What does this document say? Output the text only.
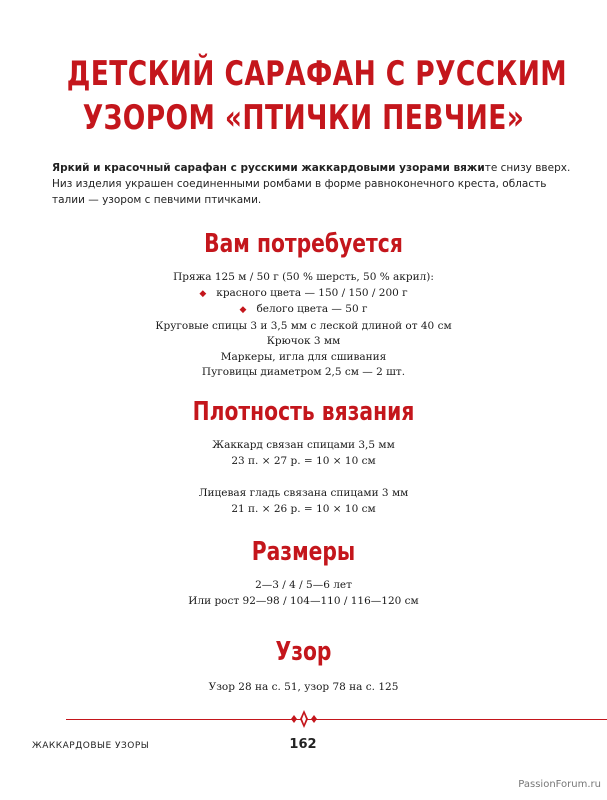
ДЕТСКИЙ САРАФАН С РУССКИМ
УЗОРОМ «ПТИЧКИ ПЕВЧИЕ»
Яркий и красочный сарафан с русскими жаккардовыми узорами вяжите снизу вверх. Низ изделия украшен соединенными ромбами в форме равноконечного креста, область талии — узором с певчими птичками.
Вам потребуется
Пряжа 125 м / 50 г (50 % шерсть, 50 % акрил):
◆ красного цвета — 150 / 150 / 200 г
◆ белого цвета — 50 г
Круговые спицы 3 и 3,5 мм с леской длиной от 40 см
Крючок 3 мм
Маркеры, игла для сшивания
Пуговицы диаметром 2,5 см — 2 шт.
Плотность вязания
Жаккард связан спицами 3,5 мм
23 п. × 27 р. = 10 × 10 см
Лицевая гладь связана спицами 3 мм
21 п. × 26 р. = 10 × 10 см
Размеры
2—3 / 4 / 5—6 лет
Или рост 92—98 / 104—110 / 116—120 см
Узор
Узор 28 на с. 51, узор 78 на с. 125
ЖАККАРДОВЫЕ УЗОРЫ	162
PassionForum.ru
